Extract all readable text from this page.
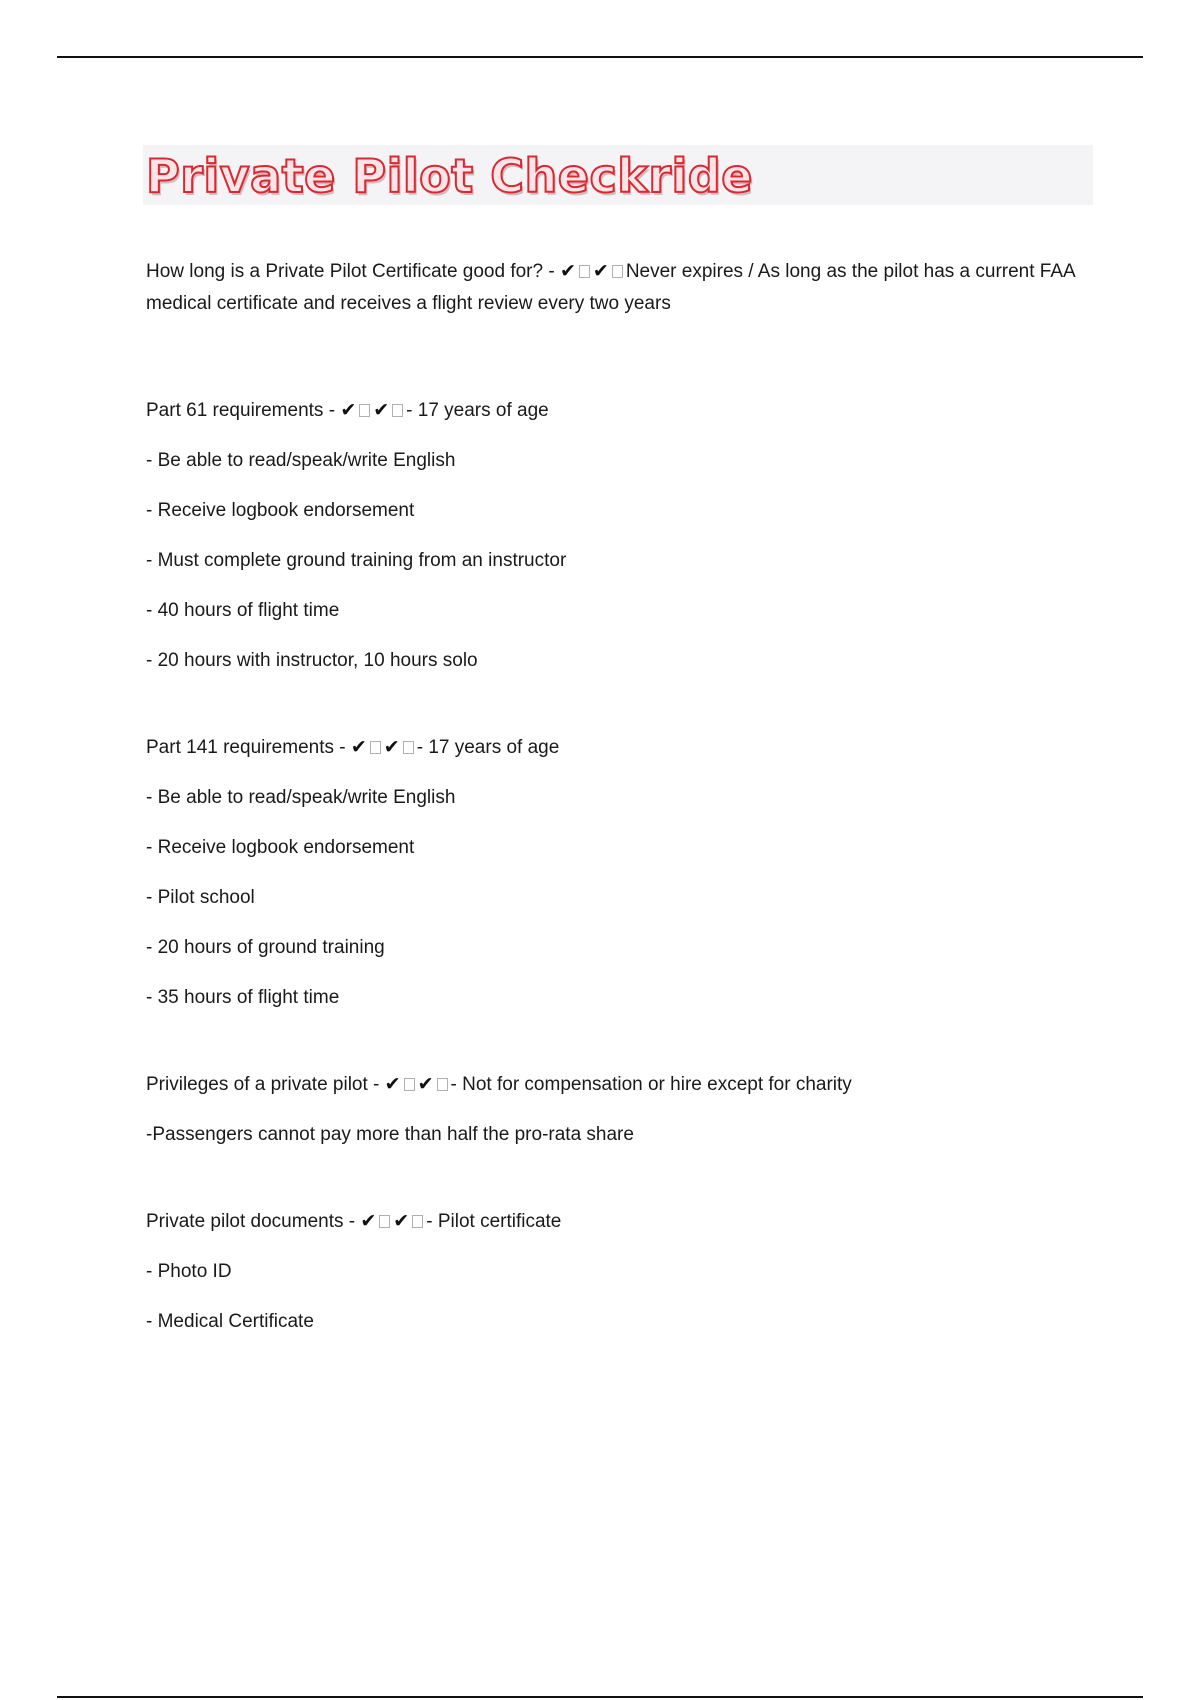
Private Pilot Checkride

How long is a Private Pilot Certificate good for? - ✔ ✔ Never expires / As long as the pilot has a current FAA medical certificate and receives a flight review every two years

Part 61 requirements - ✔ ✔ - 17 years of age

- Be able to read/speak/write English

- Receive logbook endorsement

- Must complete ground training from an instructor

- 40 hours of flight time

- 20 hours with instructor, 10 hours solo

Part 141 requirements - ✔ ✔ - 17 years of age

- Be able to read/speak/write English

- Receive logbook endorsement

- Pilot school

- 20 hours of ground training

- 35 hours of flight time

Privileges of a private pilot - ✔ ✔ - Not for compensation or hire except for charity

-Passengers cannot pay more than half the pro-rata share

Private pilot documents - ✔ ✔ - Pilot certificate

- Photo ID

- Medical Certificate
